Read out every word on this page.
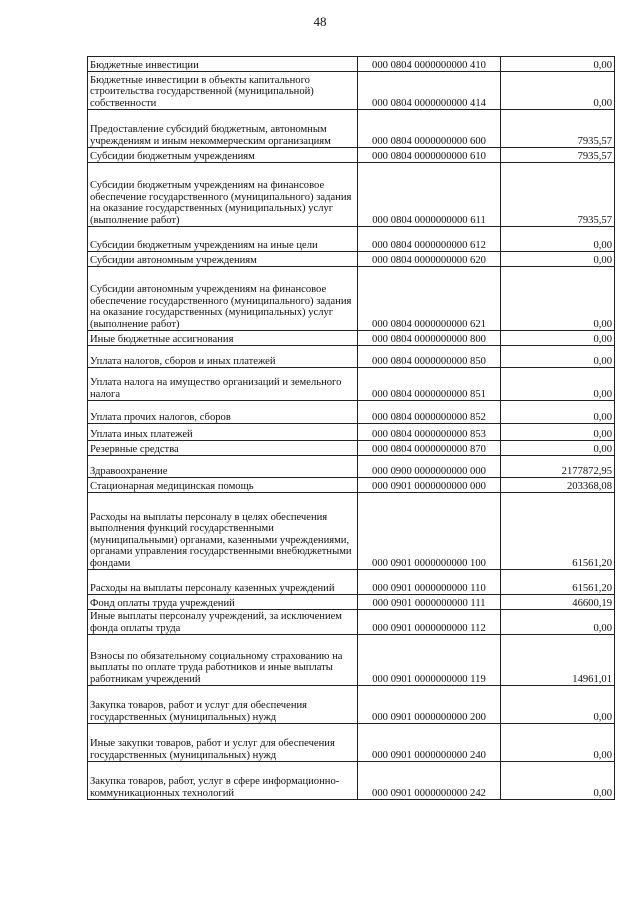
48
Бюджетные инвестиции	000 0804 0000000000 410	0,00
Бюджетные инвестиции в объекты капитального строительства государственной (муниципальной) собственности	000 0804 0000000000 414	0,00
Предоставление субсидий бюджетным, автономным учреждениям и иным некоммерческим организациям	000 0804 0000000000 600	7935,57
Субсидии бюджетным учреждениям	000 0804 0000000000 610	7935,57
Субсидии бюджетным учреждениям на финансовое обеспечение государственного (муниципального) задания на оказание государственных (муниципальных) услуг (выполнение работ)	000 0804 0000000000 611	7935,57
Субсидии бюджетным учреждениям на иные цели	000 0804 0000000000 612	0,00
Субсидии автономным учреждениям	000 0804 0000000000 620	0,00
Субсидии автономным учреждениям на финансовое обеспечение государственного (муниципального) задания на оказание государственных (муниципальных) услуг (выполнение работ)	000 0804 0000000000 621	0,00
Иные бюджетные ассигнования	000 0804 0000000000 800	0,00
Уплата налогов, сборов и иных платежей	000 0804 0000000000 850	0,00
Уплата налога на имущество организаций и земельного налога	000 0804 0000000000 851	0,00
Уплата прочих налогов, сборов	000 0804 0000000000 852	0,00
Уплата иных платежей	000 0804 0000000000 853	0,00
Резервные средства	000 0804 0000000000 870	0,00
Здравоохранение	000 0900 0000000000 000	2177872,95
Стационарная медицинская помощь	000 0901 0000000000 000	203368,08
Расходы на выплаты персоналу в целях обеспечения выполнения функций государственными (муниципальными) органами, казенными учреждениями, органами управления государственными внебюджетными фондами	000 0901 0000000000 100	61561,20
Расходы на выплаты персоналу казенных учреждений	000 0901 0000000000 110	61561,20
Фонд оплаты труда учреждений	000 0901 0000000000 111	46600,19
Иные выплаты персоналу учреждений, за исключением фонда оплаты труда	000 0901 0000000000 112	0,00
Взносы по обязательному социальному страхованию на выплаты по оплате труда работников и иные выплаты работникам учреждений	000 0901 0000000000 119	14961,01
Закупка товаров, работ и услуг для обеспечения государственных (муниципальных) нужд	000 0901 0000000000 200	0,00
Иные закупки товаров, работ и услуг для обеспечения государственных (муниципальных) нужд	000 0901 0000000000 240	0,00
Закупка товаров, работ, услуг в сфере информационно-коммуникационных технологий	000 0901 0000000000 242	0,00
